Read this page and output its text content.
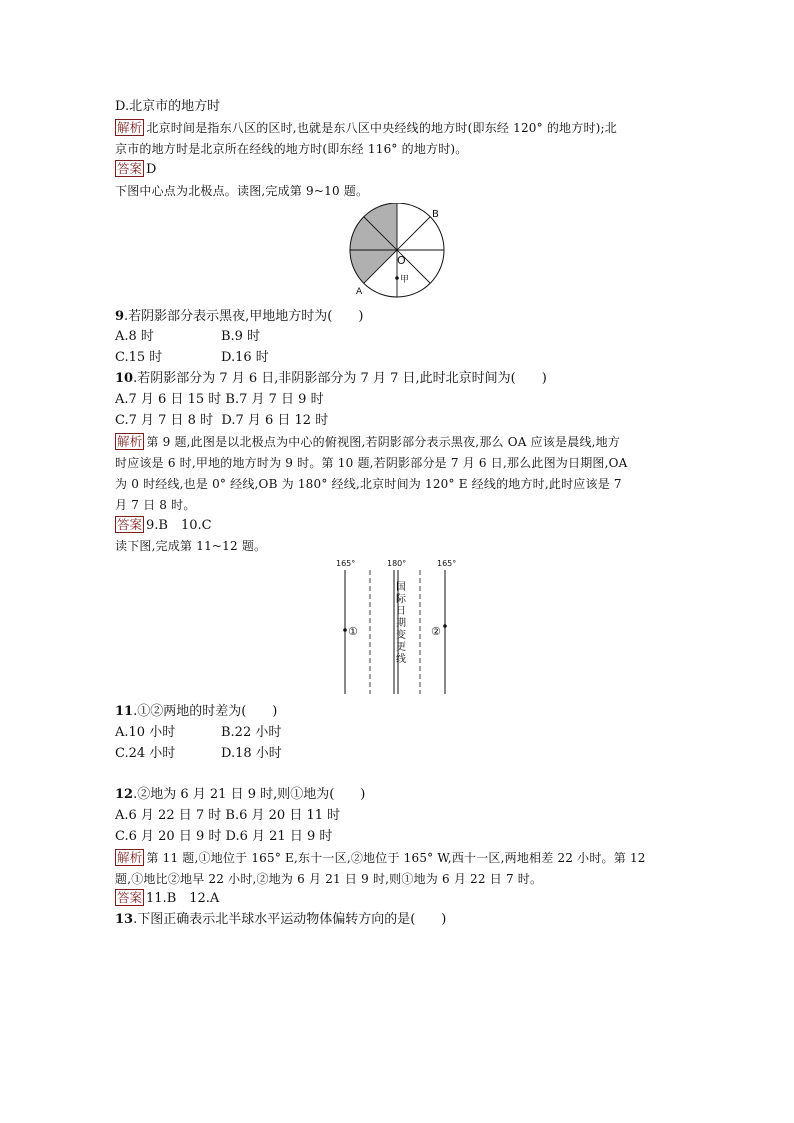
D.北京市的地方时
解析 北京时间是指东八区的区时,也就是东八区中央经线的地方时(即东经 120° 的地方时);北
京市的地方时是北京所在经线的地方时(即东经 116° 的地方时)。
答案 D
下图中心点为北极点。读图,完成第 9~10 题。
B
O
A
甲
9.若阴影部分表示黑夜,甲地地方时为(　　)
A.8 时	B.9 时
C.15 时	D.16 时
10.若阴影部分为 7 月 6 日,非阴影部分为 7 月 7 日,此时北京时间为(　　)
A.7 月 6 日 15 时 B.7 月 7 日 9 时
C.7 月 7 日 8 时 D.7 月 6 日 12 时
解析 第 9 题,此图是以北极点为中心的俯视图,若阴影部分表示黑夜,那么 OA 应该是晨线,地方
时应该是 6 时,甲地的地方时为 9 时。第 10 题,若阴影部分是 7 月 6 日,那么此图为日期图,OA
为 0 时经线,也是 0° 经线,OB 为 180° 经线,北京时间为 120° E 经线的地方时,此时应该是 7
月 7 日 8 时。
答案 9.B　10.C
读下图,完成第 11~12 题。
165°	180°	165°
①	②
国际日期变更线
11.①②两地的时差为(　　)
A.10 小时	B.22 小时
C.24 小时	D.18 小时
12.②地为 6 月 21 日 9 时,则①地为(　　)
A.6 月 22 日 7 时 B.6 月 20 日 11 时
C.6 月 20 日 9 时 D.6 月 21 日 9 时
解析 第 11 题,①地位于 165° E,东十一区,②地位于 165° W,西十一区,两地相差 22 小时。第 12
题,①地比②地早 22 小时,②地为 6 月 21 日 9 时,则①地为 6 月 22 日 7 时。
答案 11.B　12.A
13.下图正确表示北半球水平运动物体偏转方向的是(　　)
